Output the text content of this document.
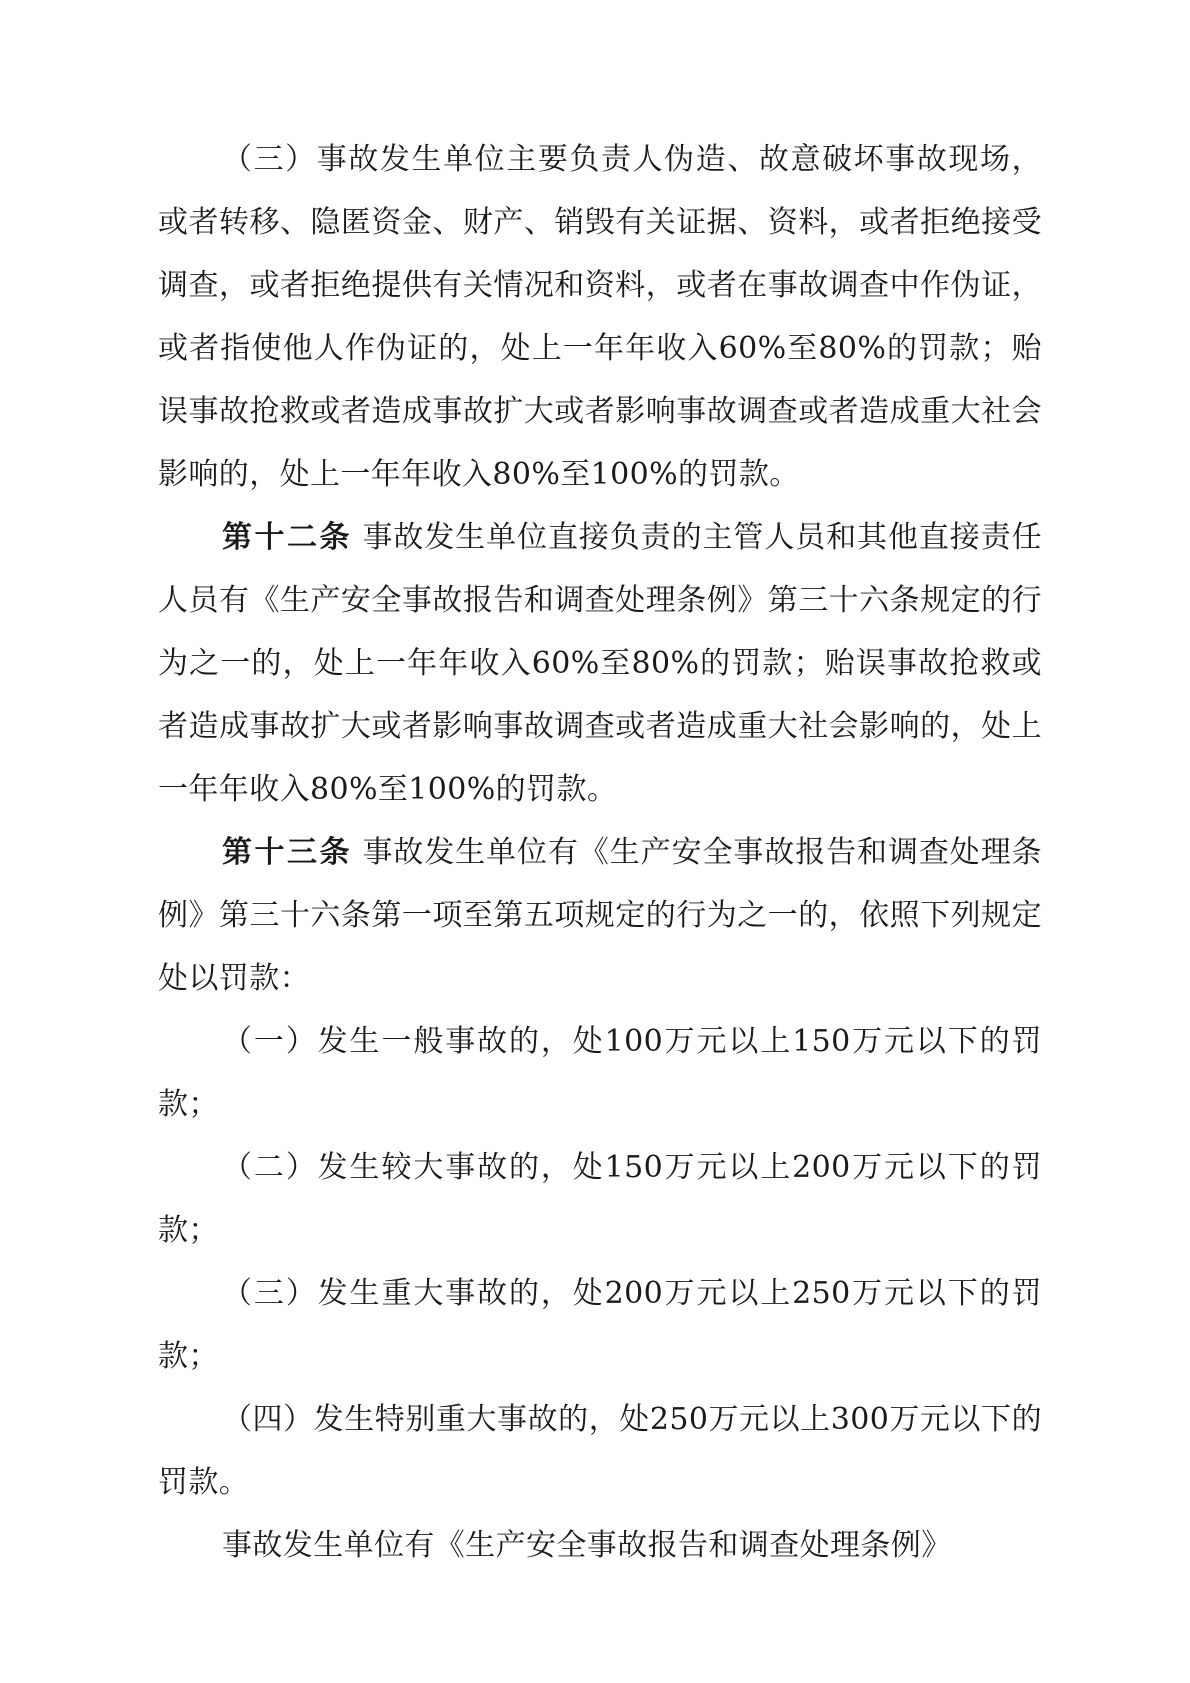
（三）事故发生单位主要负责人伪造、故意破坏事故现场，或者转移、隐匿资金、财产、销毁有关证据、资料，或者拒绝接受调查，或者拒绝提供有关情况和资料，或者在事故调查中作伪证，或者指使他人作伪证的，处上一年年收入60%至80%的罚款；贻误事故抢救或者造成事故扩大或者影响事故调查或者造成重大社会影响的，处上一年年收入80%至100%的罚款。

第十二条 事故发生单位直接负责的主管人员和其他直接责任人员有《生产安全事故报告和调查处理条例》第三十六条规定的行为之一的，处上一年年收入60%至80%的罚款；贻误事故抢救或者造成事故扩大或者影响事故调查或者造成重大社会影响的，处上一年年收入80%至100%的罚款。

第十三条 事故发生单位有《生产安全事故报告和调查处理条例》第三十六条第一项至第五项规定的行为之一的，依照下列规定处以罚款：

（一）发生一般事故的，处100万元以上150万元以下的罚款；

（二）发生较大事故的，处150万元以上200万元以下的罚款；

（三）发生重大事故的，处200万元以上250万元以下的罚款；

（四）发生特别重大事故的，处250万元以上300万元以下的罚款。

事故发生单位有《生产安全事故报告和调查处理条例》
